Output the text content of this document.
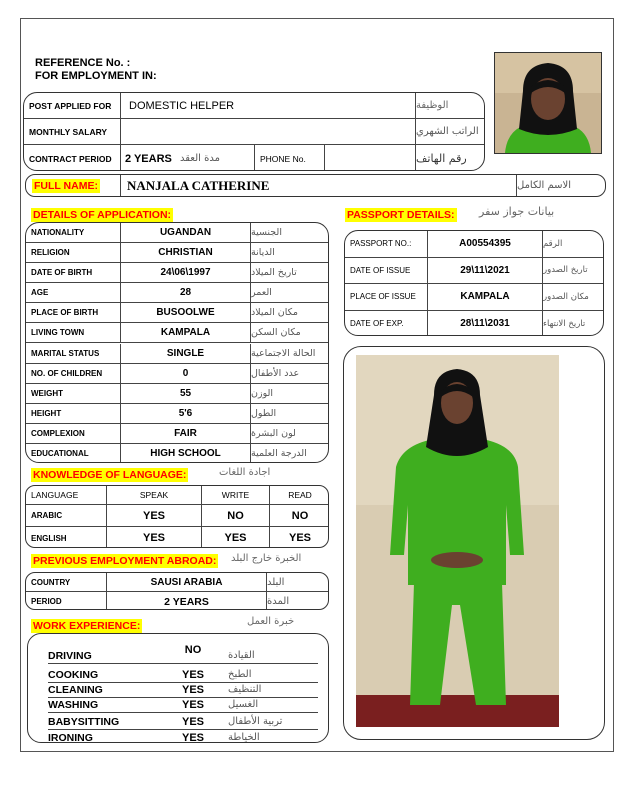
REFERENCE No. :
FOR EMPLOYMENT IN:
POST APPLIED FOR	DOMESTIC HELPER	الوظيفة
MONTHLY SALARY	الراتب الشهري
CONTRACT PERIOD	2 YEARS مدة العقد	PHONE No.	رقم الهاتف
FULL NAME:	NANJALA CATHERINE	الاسم الكامل
DETAILS OF APPLICATION:
NATIONALITY	UGANDAN	الجنسية
RELIGION	CHRISTIAN	الديانة
DATE OF BIRTH	24\06\1997	تاريخ الميلاد
AGE	28	العمر
PLACE OF BIRTH	BUSOOLWE	مكان الميلاد
LIVING TOWN	KAMPALA	مكان السكن
MARITAL STATUS	SINGLE	الحالة الاجتماعية
NO. OF CHILDREN	0	عدد الأطفال
WEIGHT	55	الوزن
HEIGHT	5'6	الطول
COMPLEXION	FAIR	لون البشرة
EDUCATIONAL	HIGH SCHOOL	الدرجة العلمية
PASSPORT DETAILS: بيانات جواز سفر
PASSPORT NO.:	A00554395	الرقم
DATE OF ISSUE	29\11\2021	تاريخ الصدور
PLACE OF ISSUE	KAMPALA	مكان الصدور
DATE OF EXP.	28\11\2031	تاريخ الانتهاء
KNOWLEDGE OF LANGUAGE:	اجادة اللغات
LANGUAGE	SPEAK	WRITE	READ
ARABIC	YES	NO	NO
ENGLISH	YES	YES	YES
PREVIOUS EMPLOYMENT ABROAD: الخبرة خارج البلد
COUNTRY	SAUSI ARABIA	البلد
PERIOD	2 YEARS	المدة
WORK EXPERIENCE:	خبرة العمل
DRIVING	NO	القيادة
COOKING	YES	الطبخ
CLEANING	YES	التنظيف
WASHING	YES	الغسيل
BABYSITTING	YES	تربية الأطفال
IRONING	YES	الخياطة
